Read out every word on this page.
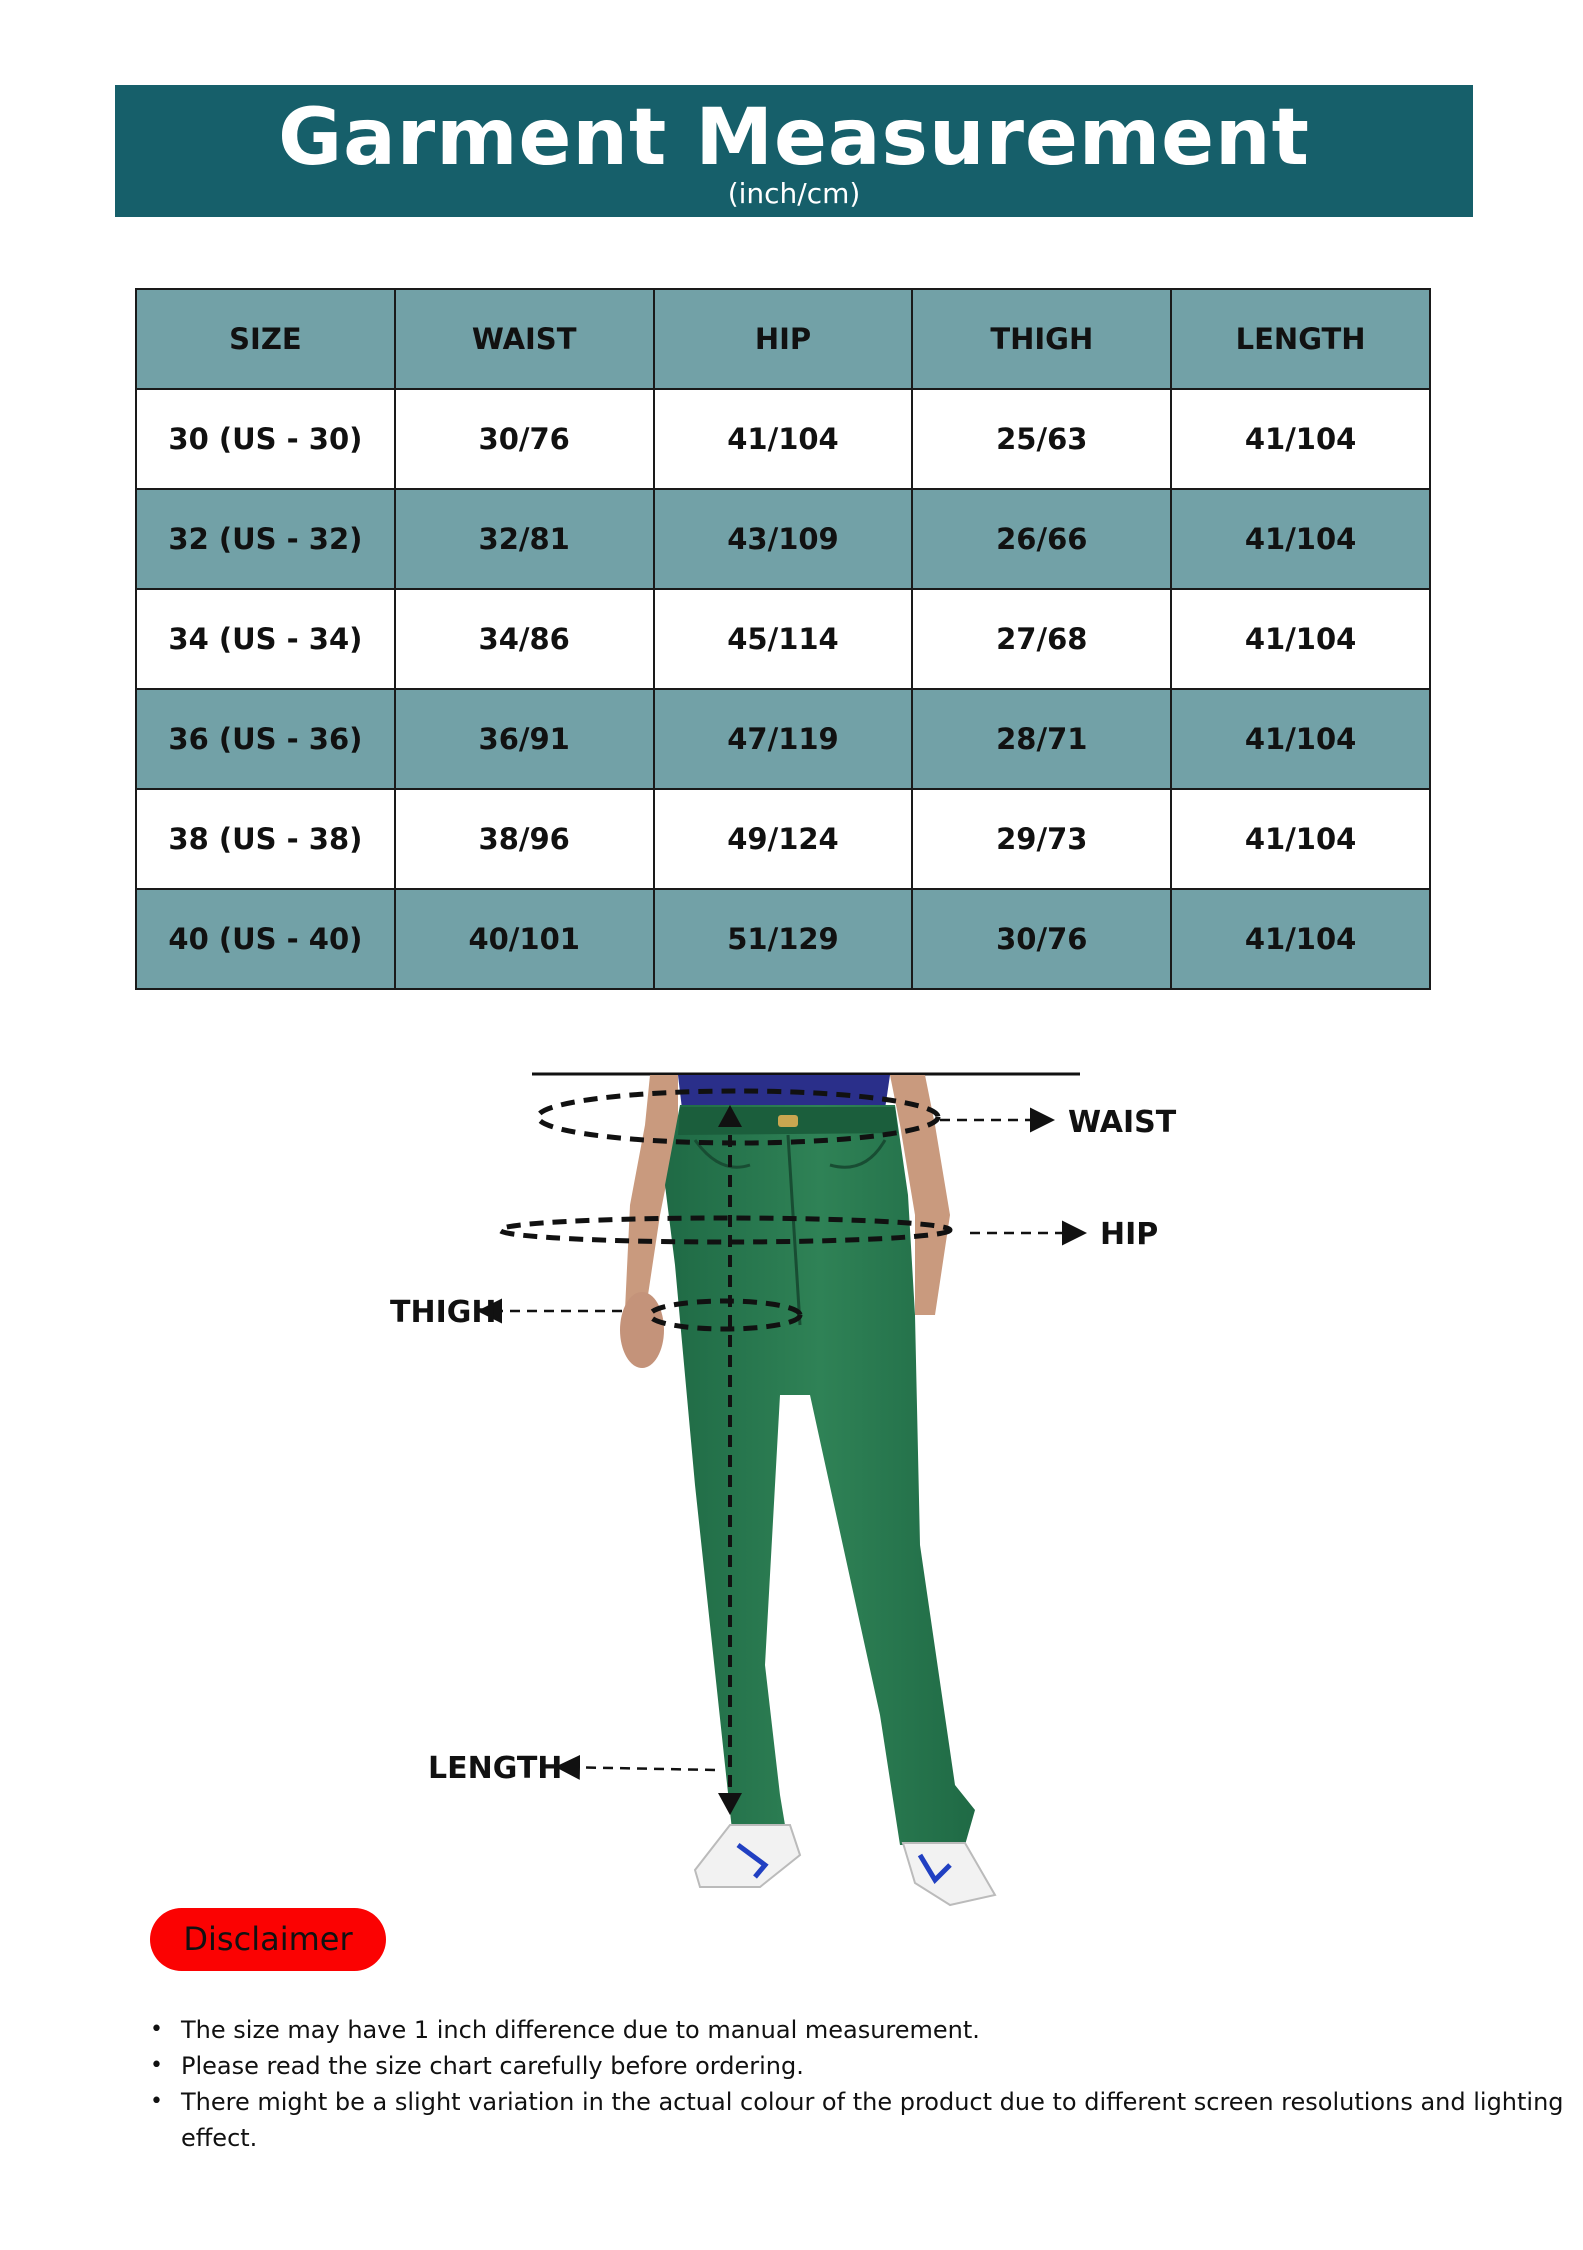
Garment Measurement
(inch/cm)
SIZE	WAIST	HIP	THIGH	LENGTH
30 (US - 30)	30/76	41/104	25/63	41/104
32 (US - 32)	32/81	43/109	26/66	41/104
34 (US - 34)	34/86	45/114	27/68	41/104
36 (US - 36)	36/91	47/119	28/71	41/104
38 (US - 38)	38/96	49/124	29/73	41/104
40 (US - 40)	40/101	51/129	30/76	41/104
WAIST
HIP
THIGH
LENGTH
Disclaimer
• The size may have 1 inch difference due to manual measurement.
• Please read the size chart carefully before ordering.
• There might be a slight variation in the actual colour of the product due to different screen resolutions and lighting effect.
